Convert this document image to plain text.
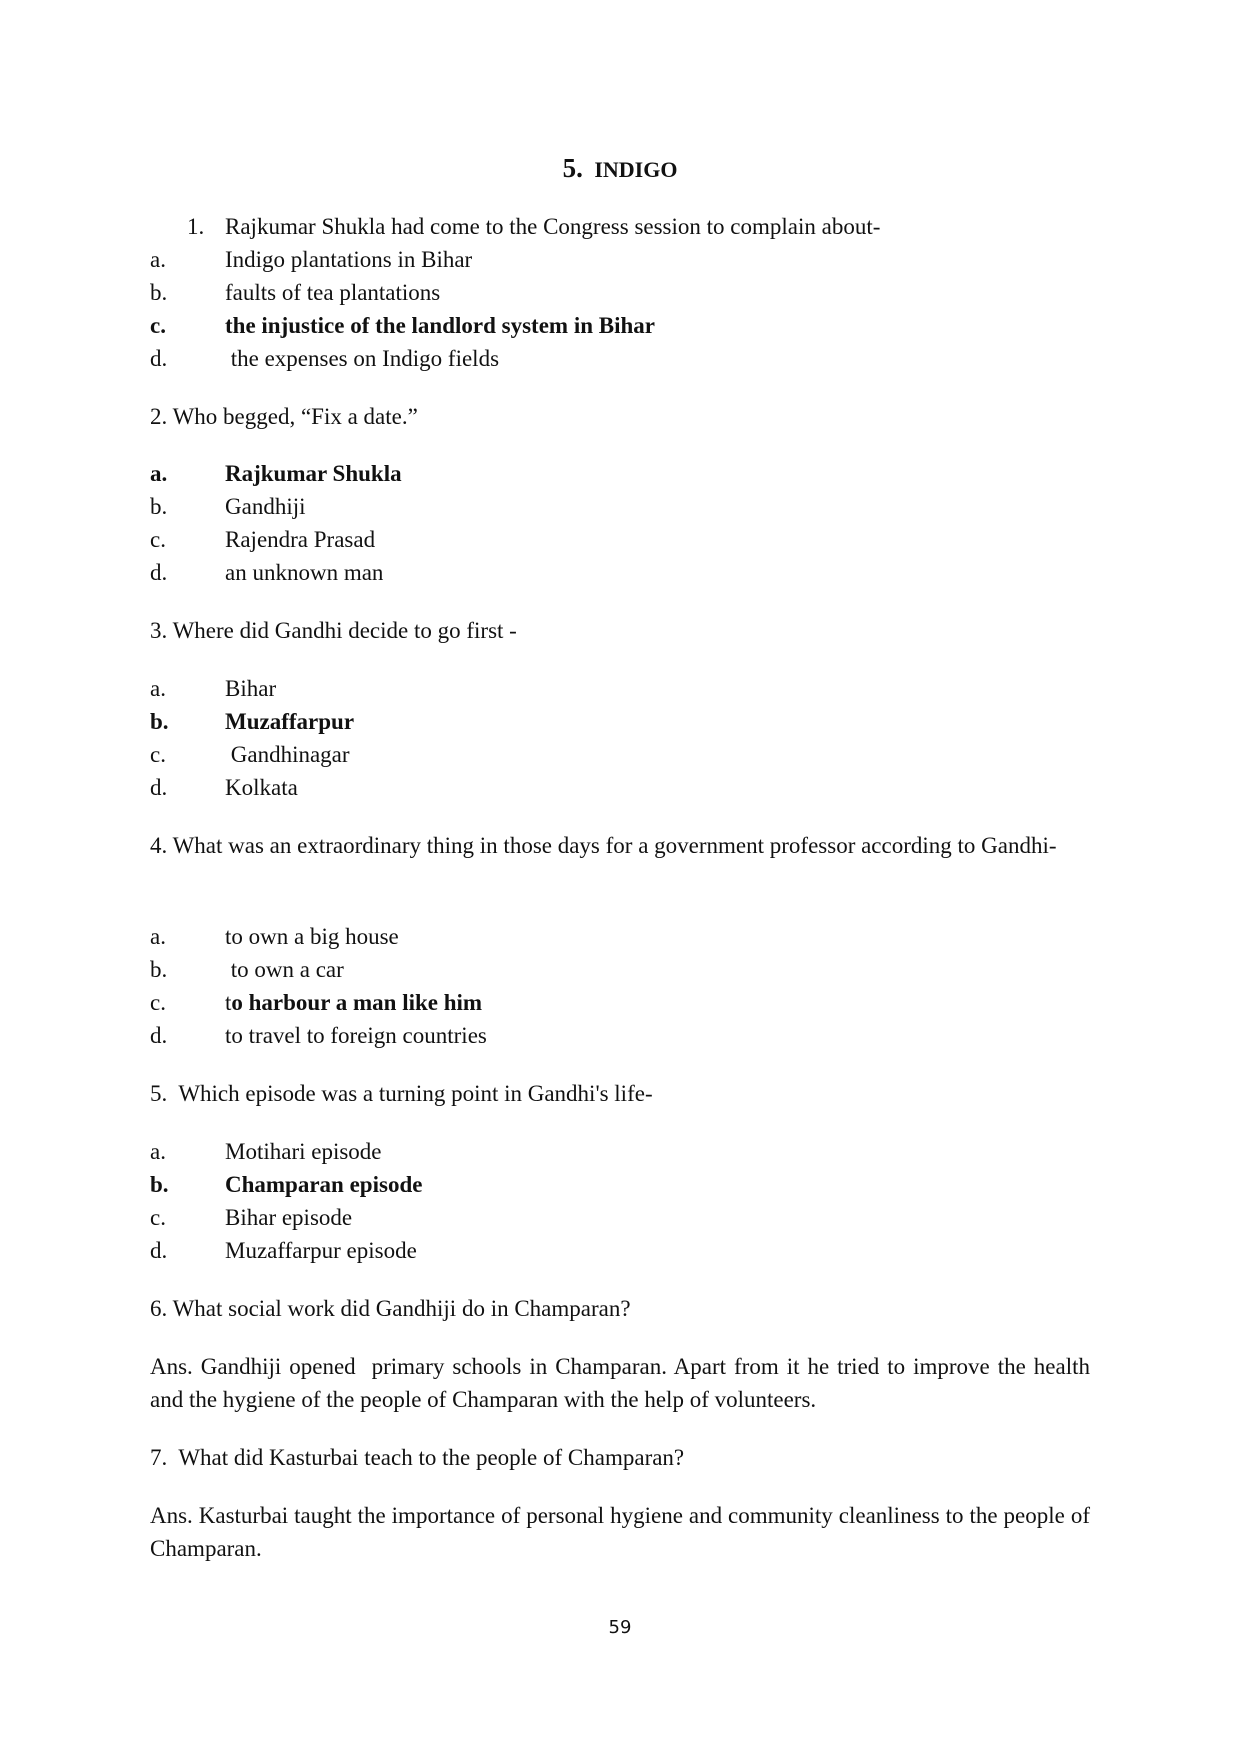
5. INDIGO
1. Rajkumar Shukla had come to the Congress session to complain about-
a.	Indigo plantations in Bihar
b.	faults of tea plantations
c.	the injustice of the landlord system in Bihar
d.	the expenses on Indigo fields
2. Who begged, “Fix a date.”
a.	Rajkumar Shukla
b.	Gandhiji
c.	Rajendra Prasad
d.	an unknown man
3. Where did Gandhi decide to go first -
a.	Bihar
b.	Muzaffarpur
c.	Gandhinagar
d.	Kolkata
4. What was an extraordinary thing in those days for a government professor according to Gandhi-
a.	to own a big house
b.	to own a car
c.	to harbour a man like him
d.	to travel to foreign countries
5.  Which episode was a turning point in Gandhi's life-
a.	Motihari episode
b.	Champaran episode
c.	Bihar episode
d.	Muzaffarpur episode
6. What social work did Gandhiji do in Champaran?
Ans. Gandhiji opened  primary schools in Champaran. Apart from it he tried to improve the health and the hygiene of the people of Champaran with the help of volunteers.
7.  What did Kasturbai teach to the people of Champaran?
Ans. Kasturbai taught the importance of personal hygiene and community cleanliness to the people of Champaran.
59
